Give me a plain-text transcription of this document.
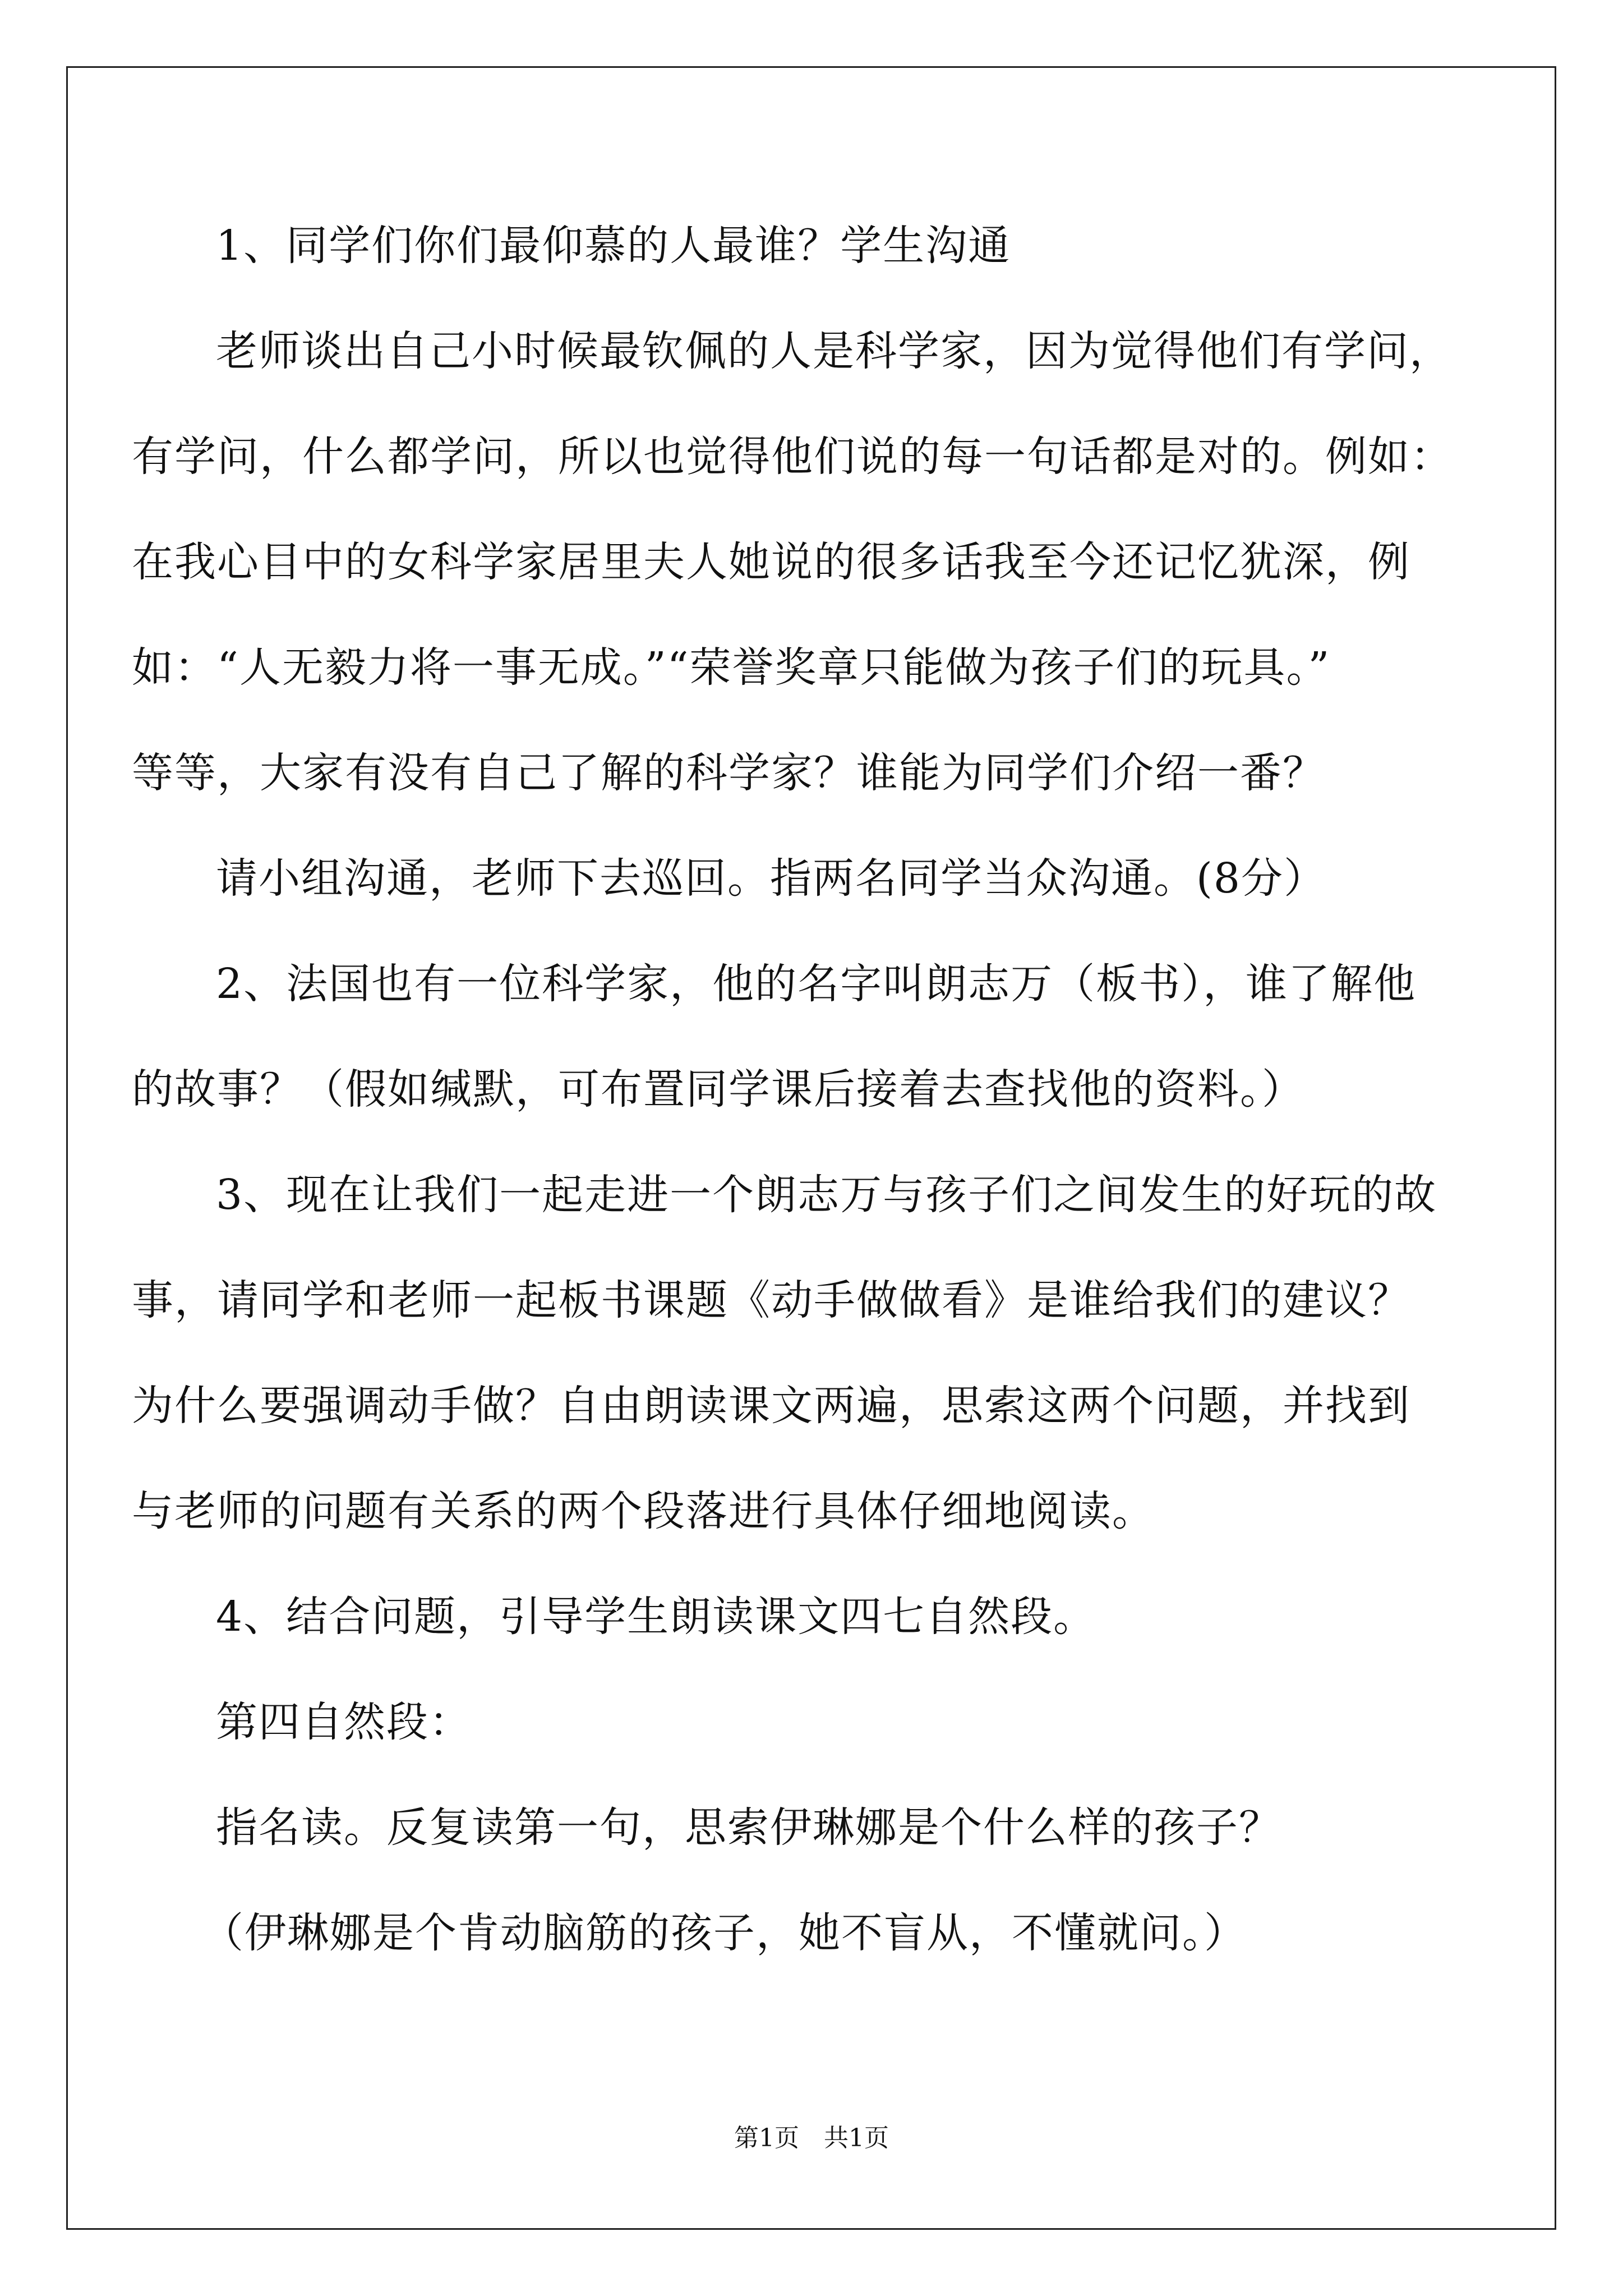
1、同学们你们最仰慕的人最谁？学生沟通
老师谈出自己小时候最钦佩的人是科学家，因为觉得他们有学问，
有学问，什么都学问，所以也觉得他们说的每一句话都是对的。例如：
在我心目中的女科学家居里夫人她说的很多话我至今还记忆犹深，例
如：“人无毅力将一事无成。”“荣誉奖章只能做为孩子们的玩具。”
等等，大家有没有自己了解的科学家？谁能为同学们介绍一番？
请小组沟通，老师下去巡回。指两名同学当众沟通。(8分）
2、法国也有一位科学家，他的名字叫朗志万（板书），谁了解他
的故事？（假如缄默，可布置同学课后接着去查找他的资料。）
3、现在让我们一起走进一个朗志万与孩子们之间发生的好玩的故
事，请同学和老师一起板书课题《动手做做看》是谁给我们的建议？
为什么要强调动手做？自由朗读课文两遍，思索这两个问题，并找到
与老师的问题有关系的两个段落进行具体仔细地阅读。
4、结合问题，引导学生朗读课文四七自然段。
第四自然段：
指名读。反复读第一句，思索伊琳娜是个什么样的孩子？
（伊琳娜是个肯动脑筋的孩子，她不盲从，不懂就问。）
第1页　共1页
